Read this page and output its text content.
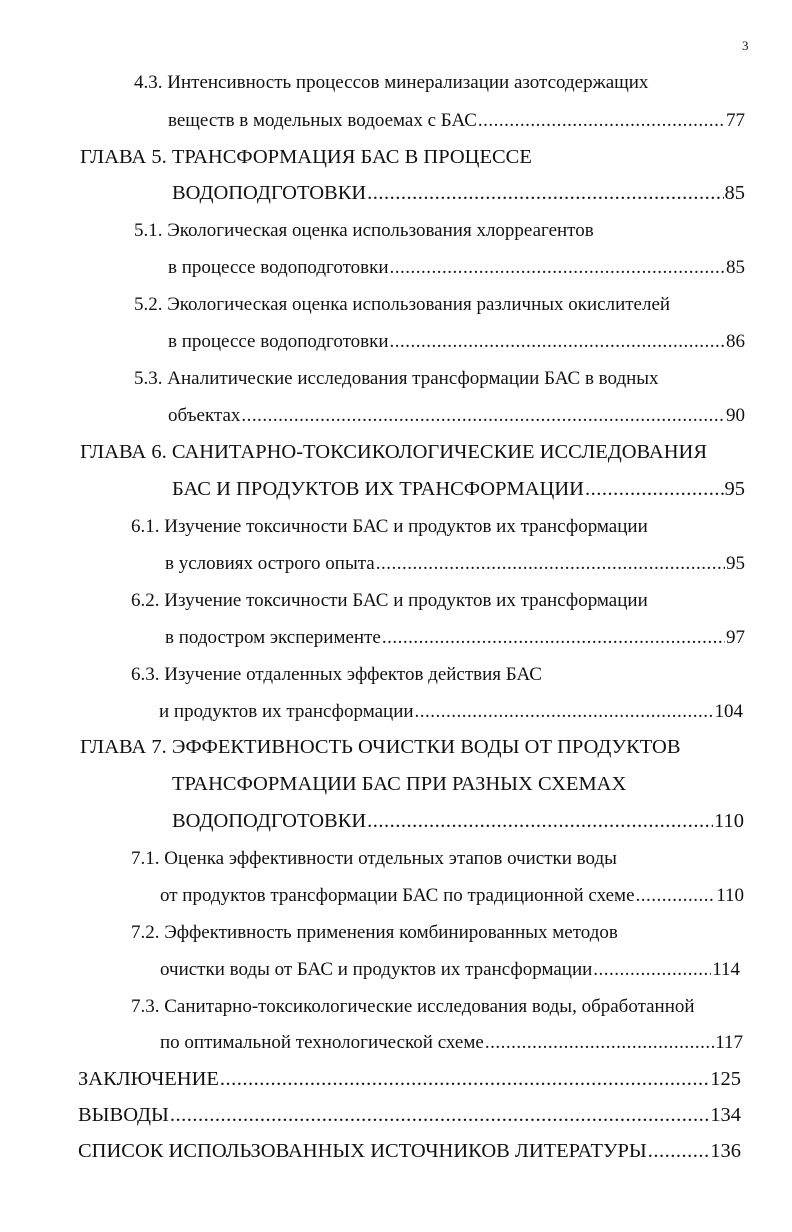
3
4.3. Интенсивность процессов минерализации азотсодержащих
веществ в модельных водоемах с БАС .....	77
ГЛАВА 5. ТРАНСФОРМАЦИЯ БАС В ПРОЦЕССЕ
ВОДОПОДГОТОВКИ .....	85
5.1. Экологическая оценка использования хлорреагентов
в процессе водоподготовки .....	85
5.2. Экологическая оценка использования различных окислителей
в процессе водоподготовки .....	86
5.3. Аналитические исследования трансформации БАС в водных
объектах .....	90
ГЛАВА 6. САНИТАРНО-ТОКСИКОЛОГИЧЕСКИЕ ИССЛЕДОВАНИЯ
БАС И ПРОДУКТОВ ИХ ТРАНСФОРМАЦИИ .....	95
6.1. Изучение токсичности БАС и продуктов их трансформации
в условиях острого опыта .....	95
6.2. Изучение токсичности БАС и продуктов их трансформации
в подостром эксперименте .....	97
6.3. Изучение отдаленных эффектов действия БАС
и продуктов их трансформации .....	104
ГЛАВА 7. ЭФФЕКТИВНОСТЬ ОЧИСТКИ ВОДЫ ОТ ПРОДУКТОВ
ТРАНСФОРМАЦИИ БАС ПРИ РАЗНЫХ СХЕМАХ
ВОДОПОДГОТОВКИ .....	110
7.1. Оценка эффективности отдельных этапов очистки воды
от продуктов трансформации БАС по традиционной схеме .....	110
7.2. Эффективность применения комбинированных методов
очистки воды от БАС и продуктов их трансформации .....	114
7.3. Санитарно-токсикологические исследования воды, обработанной
по оптимальной технологической схеме .....	117
ЗАКЛЮЧЕНИЕ .....	125
ВЫВОДЫ .....	134
СПИСОК ИСПОЛЬЗОВАННЫХ ИСТОЧНИКОВ ЛИТЕРАТУРЫ .....	136
